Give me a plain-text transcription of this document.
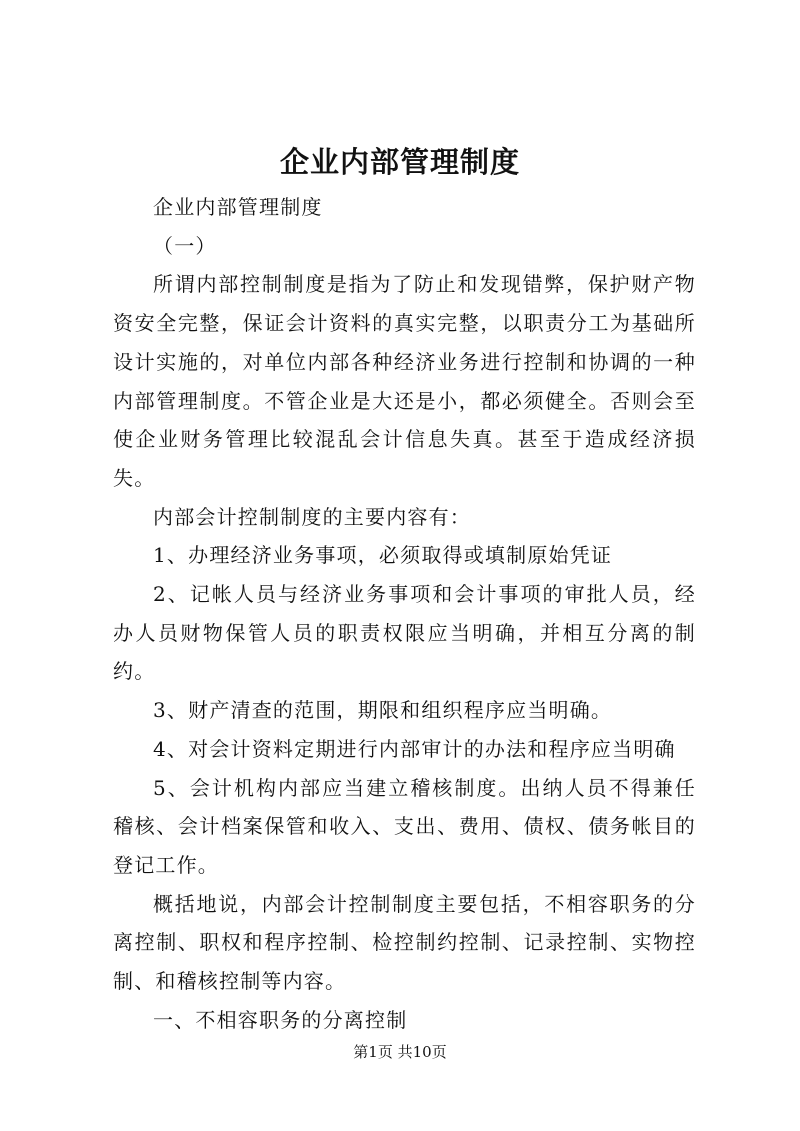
企业内部管理制度

企业内部管理制度

（一）

所谓内部控制制度是指为了防止和发现错弊，保护财产物资安全完整，保证会计资料的真实完整，以职责分工为基础所设计实施的，对单位内部各种经济业务进行控制和协调的一种内部管理制度。不管企业是大还是小，都必须健全。否则会至使企业财务管理比较混乱会计信息失真。甚至于造成经济损失。

内部会计控制制度的主要内容有：

1、办理经济业务事项，必须取得或填制原始凭证

2、记帐人员与经济业务事项和会计事项的审批人员，经办人员财物保管人员的职责权限应当明确，并相互分离的制约。

3、财产清查的范围，期限和组织程序应当明确。

4、对会计资料定期进行内部审计的办法和程序应当明确

5、会计机构内部应当建立稽核制度。出纳人员不得兼任稽核、会计档案保管和收入、支出、费用、债权、债务帐目的登记工作。

概括地说，内部会计控制制度主要包括，不相容职务的分离控制、职权和程序控制、检控制约控制、记录控制、实物控制、和稽核控制等内容。

一、不相容职务的分离控制

第1页 共10页
